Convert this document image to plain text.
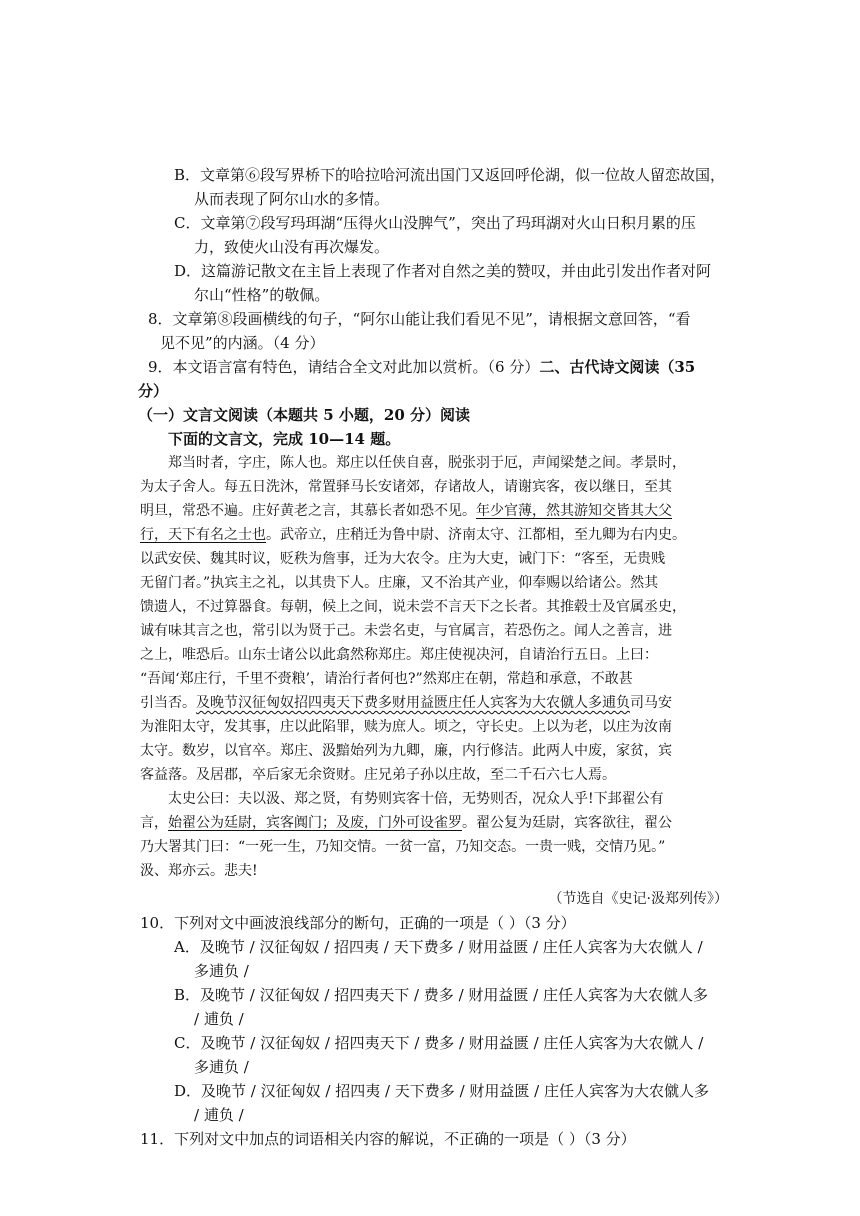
B．文章第⑥段写界桥下的哈拉哈河流出国门又返回呼伦湖，似一位故人留恋故国，
从而表现了阿尔山水的多情。
C．文章第⑦段写玛珥湖“压得火山没脾气”，突出了玛珥湖对火山日积月累的压
力，致使火山没有再次爆发。
D．这篇游记散文在主旨上表现了作者对自然之美的赞叹，并由此引发出作者对阿
尔山“性格”的敬佩。
8．文章第⑧段画横线的句子，“阿尔山能让我们看见不见”，请根据文意回答，“看
见不见”的内涵。（4 分）
9．本文语言富有特色，请结合全文对此加以赏析。（6 分）二、古代诗文阅读（35
分）
（一）文言文阅读（本题共 5 小题，20 分）阅读
下面的文言文，完成 10—14 题。
郑当时者，字庄，陈人也。郑庄以任侠自喜，脱张羽于厄，声闻梁楚之间。孝景时，
为太子舍人。每五日洗沐，常置驿马长安诸郊，存诸故人，请谢宾客，夜以继日，至其
明旦，常恐不遍。庄好黄老之言，其慕长者如恐不见。年少官薄，然其游知交皆其大父
行，天下有名之士也。武帝立，庄稍迁为鲁中尉、济南太守、江都相，至九卿为右内史。
以武安侯、魏其时议，贬秩为詹事，迁为大农令。庄为大吏，诫门下：“客至，无贵贱
无留门者。”执宾主之礼，以其贵下人。庄廉，又不治其产业，仰奉赐以给诸公。然其
馈遗人，不过算器食。每朝，候上之间，说未尝不言天下之长者。其推毂士及官属丞史，
诚有味其言之也，常引以为贤于己。未尝名吏，与官属言，若恐伤之。闻人之善言，进
之上，唯恐后。山东士诸公以此翕然称郑庄。郑庄使视决河，自请治行五日。上曰：
“吾闻‘郑庄行，千里不赍粮’，请治行者何也?”然郑庄在朝，常趋和承意，不敢甚
引当否。及晚节汉征匈奴招四夷天下费多财用益匮庄任人宾客为大农僦人多逋负司马安
为淮阳太守，发其事，庄以此陷罪，赎为庶人。顷之，守长史。上以为老，以庄为汝南
太守。数岁，以官卒。郑庄、汲黯始列为九卿，廉，内行修洁。此两人中废，家贫，宾
客益落。及居郡，卒后家无余资财。庄兄弟子孙以庄故，至二千石六七人焉。
太史公曰：夫以汲、郑之贤，有势则宾客十倍，无势则否，况众人乎!下邽翟公有
言，始翟公为廷尉，宾客阗门；及废，门外可设雀罗。翟公复为廷尉，宾客欲往，翟公
乃大署其门曰：“一死一生，乃知交情。一贫一富，乃知交态。一贵一贱，交情乃见。”
汲、郑亦云。悲夫!
（节选自《史记·汲郑列传》）
10．下列对文中画波浪线部分的断句，正确的一项是（ ）（3 分）
A．及晚节 / 汉征匈奴 / 招四夷 / 天下费多 / 财用益匮 / 庄任人宾客为大农僦人 /
多逋负 /
B．及晚节 / 汉征匈奴 / 招四夷天下 / 费多 / 财用益匮 / 庄任人宾客为大农僦人多
/ 逋负 /
C．及晚节 / 汉征匈奴 / 招四夷天下 / 费多 / 财用益匮 / 庄任人宾客为大农僦人 /
多逋负 /
D．及晚节 / 汉征匈奴 / 招四夷 / 天下费多 / 财用益匮 / 庄任人宾客为大农僦人多
/ 逋负 /
11．下列对文中加点的词语相关内容的解说，不正确的一项是（ ）（3 分）
